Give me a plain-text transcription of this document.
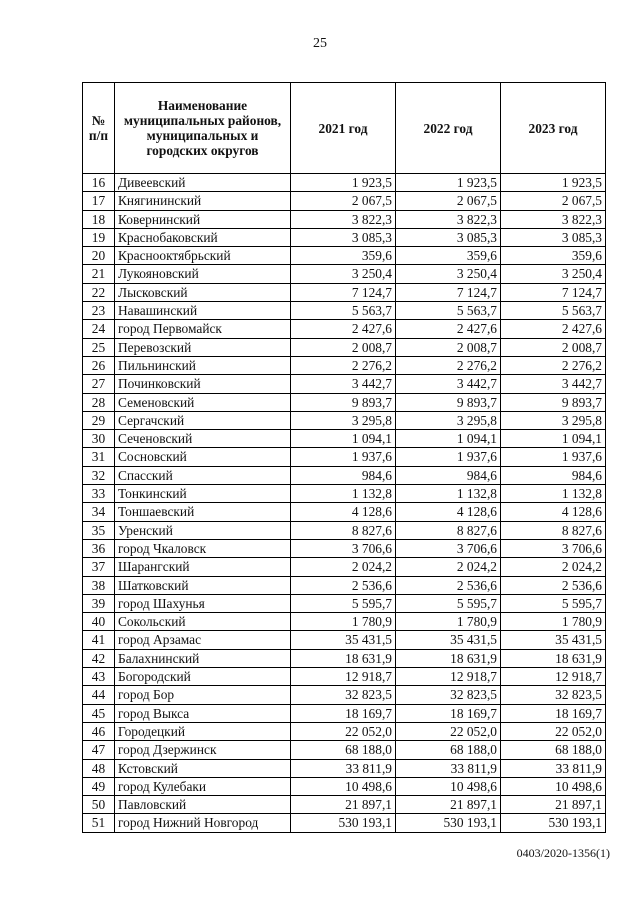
25
№ п/п	Наименование муниципальных районов, муниципальных и городских округов	2021 год	2022 год	2023 год
16	Дивеевский	1 923,5	1 923,5	1 923,5
17	Княгининский	2 067,5	2 067,5	2 067,5
18	Ковернинский	3 822,3	3 822,3	3 822,3
19	Краснобаковский	3 085,3	3 085,3	3 085,3
20	Краснооктябрьский	359,6	359,6	359,6
21	Лукояновский	3 250,4	3 250,4	3 250,4
22	Лысковский	7 124,7	7 124,7	7 124,7
23	Навашинский	5 563,7	5 563,7	5 563,7
24	город Первомайск	2 427,6	2 427,6	2 427,6
25	Перевозский	2 008,7	2 008,7	2 008,7
26	Пильнинский	2 276,2	2 276,2	2 276,2
27	Починковский	3 442,7	3 442,7	3 442,7
28	Семеновский	9 893,7	9 893,7	9 893,7
29	Сергачский	3 295,8	3 295,8	3 295,8
30	Сеченовский	1 094,1	1 094,1	1 094,1
31	Сосновский	1 937,6	1 937,6	1 937,6
32	Спасский	984,6	984,6	984,6
33	Тонкинский	1 132,8	1 132,8	1 132,8
34	Тоншаевский	4 128,6	4 128,6	4 128,6
35	Уренский	8 827,6	8 827,6	8 827,6
36	город Чкаловск	3 706,6	3 706,6	3 706,6
37	Шарангский	2 024,2	2 024,2	2 024,2
38	Шатковский	2 536,6	2 536,6	2 536,6
39	город Шахунья	5 595,7	5 595,7	5 595,7
40	Сокольский	1 780,9	1 780,9	1 780,9
41	город Арзамас	35 431,5	35 431,5	35 431,5
42	Балахнинский	18 631,9	18 631,9	18 631,9
43	Богородский	12 918,7	12 918,7	12 918,7
44	город Бор	32 823,5	32 823,5	32 823,5
45	город Выкса	18 169,7	18 169,7	18 169,7
46	Городецкий	22 052,0	22 052,0	22 052,0
47	город Дзержинск	68 188,0	68 188,0	68 188,0
48	Кстовский	33 811,9	33 811,9	33 811,9
49	город Кулебаки	10 498,6	10 498,6	10 498,6
50	Павловский	21 897,1	21 897,1	21 897,1
51	город Нижний Новгород	530 193,1	530 193,1	530 193,1
0403/2020-1356(1)
